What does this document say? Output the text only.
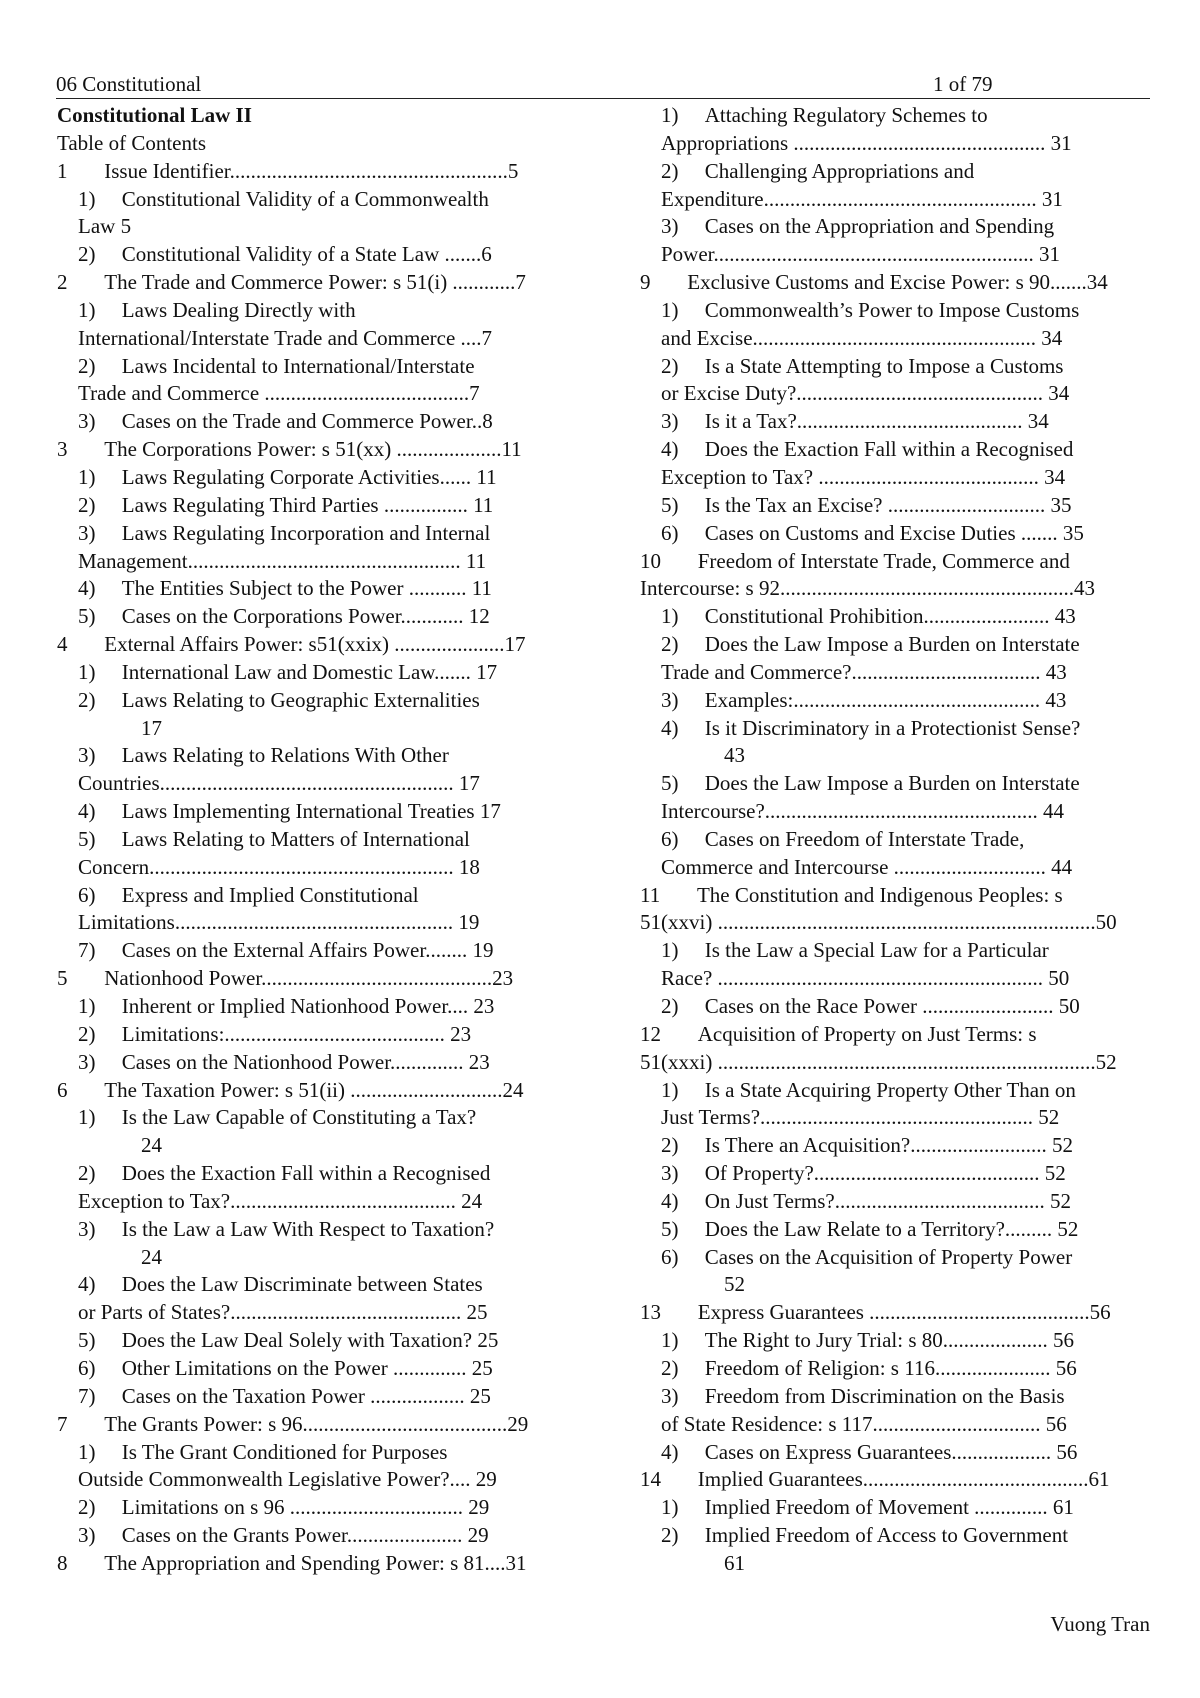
06 Constitutional	1 of 79
Constitutional Law II
Table of Contents
1       Issue Identifier.....................................................5
1)     Constitutional Validity of a Commonwealth
Law 5
2)     Constitutional Validity of a State Law .......6
2       The Trade and Commerce Power: s 51(i) ............7
1)     Laws Dealing Directly with
International/Interstate Trade and Commerce ....7
2)     Laws Incidental to International/Interstate
Trade and Commerce .......................................7
3)     Cases on the Trade and Commerce Power..8
3       The Corporations Power: s 51(xx) ....................11
1)     Laws Regulating Corporate Activities...... 11
2)     Laws Regulating Third Parties ................ 11
3)     Laws Regulating Incorporation and Internal
Management.................................................... 11
4)     The Entities Subject to the Power ........... 11
5)     Cases on the Corporations Power............ 12
4       External Affairs Power: s51(xxix) .....................17
1)     International Law and Domestic Law....... 17
2)     Laws Relating to Geographic Externalities
17
3)     Laws Relating to Relations With Other
Countries........................................................ 17
4)     Laws Implementing International Treaties 17
5)     Laws Relating to Matters of International
Concern.......................................................... 18
6)     Express and Implied Constitutional
Limitations..................................................... 19
7)     Cases on the External Affairs Power........ 19
5       Nationhood Power............................................23
1)     Inherent or Implied Nationhood Power.... 23
2)     Limitations:.......................................... 23
3)     Cases on the Nationhood Power.............. 23
6       The Taxation Power: s 51(ii) .............................24
1)     Is the Law Capable of Constituting a Tax?
24
2)     Does the Exaction Fall within a Recognised
Exception to Tax?........................................... 24
3)     Is the Law a Law With Respect to Taxation?
24
4)     Does the Law Discriminate between States
or Parts of States?............................................ 25
5)     Does the Law Deal Solely with Taxation? 25
6)     Other Limitations on the Power .............. 25
7)     Cases on the Taxation Power .................. 25
7       The Grants Power: s 96.......................................29
1)     Is The Grant Conditioned for Purposes
Outside Commonwealth Legislative Power?.... 29
2)     Limitations on s 96 ................................. 29
3)     Cases on the Grants Power...................... 29
8       The Appropriation and Spending Power: s 81....31
1)     Attaching Regulatory Schemes to
Appropriations ................................................ 31
2)     Challenging Appropriations and
Expenditure.................................................... 31
3)     Cases on the Appropriation and Spending
Power............................................................. 31
9       Exclusive Customs and Excise Power: s 90.......34
1)     Commonwealth’s Power to Impose Customs
and Excise...................................................... 34
2)     Is a State Attempting to Impose a Customs
or Excise Duty?............................................... 34
3)     Is it a Tax?........................................... 34
4)     Does the Exaction Fall within a Recognised
Exception to Tax? .......................................... 34
5)     Is the Tax an Excise? .............................. 35
6)     Cases on Customs and Excise Duties ....... 35
10       Freedom of Interstate Trade, Commerce and
Intercourse: s 92........................................................43
1)     Constitutional Prohibition........................ 43
2)     Does the Law Impose a Burden on Interstate
Trade and Commerce?.................................... 43
3)     Examples:............................................... 43
4)     Is it Discriminatory in a Protectionist Sense?
43
5)     Does the Law Impose a Burden on Interstate
Intercourse?.................................................... 44
6)     Cases on Freedom of Interstate Trade,
Commerce and Intercourse ............................. 44
11       The Constitution and Indigenous Peoples: s
51(xxvi) ........................................................................50
1)     Is the Law a Special Law for a Particular
Race? .............................................................. 50
2)     Cases on the Race Power ......................... 50
12       Acquisition of Property on Just Terms: s
51(xxxi) ........................................................................52
1)     Is a State Acquiring Property Other Than on
Just Terms?.................................................... 52
2)     Is There an Acquisition?.......................... 52
3)     Of Property?........................................... 52
4)     On Just Terms?........................................ 52
5)     Does the Law Relate to a Territory?......... 52
6)     Cases on the Acquisition of Property Power
52
13       Express Guarantees ..........................................56
1)     The Right to Jury Trial: s 80.................... 56
2)     Freedom of Religion: s 116...................... 56
3)     Freedom from Discrimination on the Basis
of State Residence: s 117................................ 56
4)     Cases on Express Guarantees................... 56
14       Implied Guarantees...........................................61
1)     Implied Freedom of Movement .............. 61
2)     Implied Freedom of Access to Government
61
Vuong Tran
